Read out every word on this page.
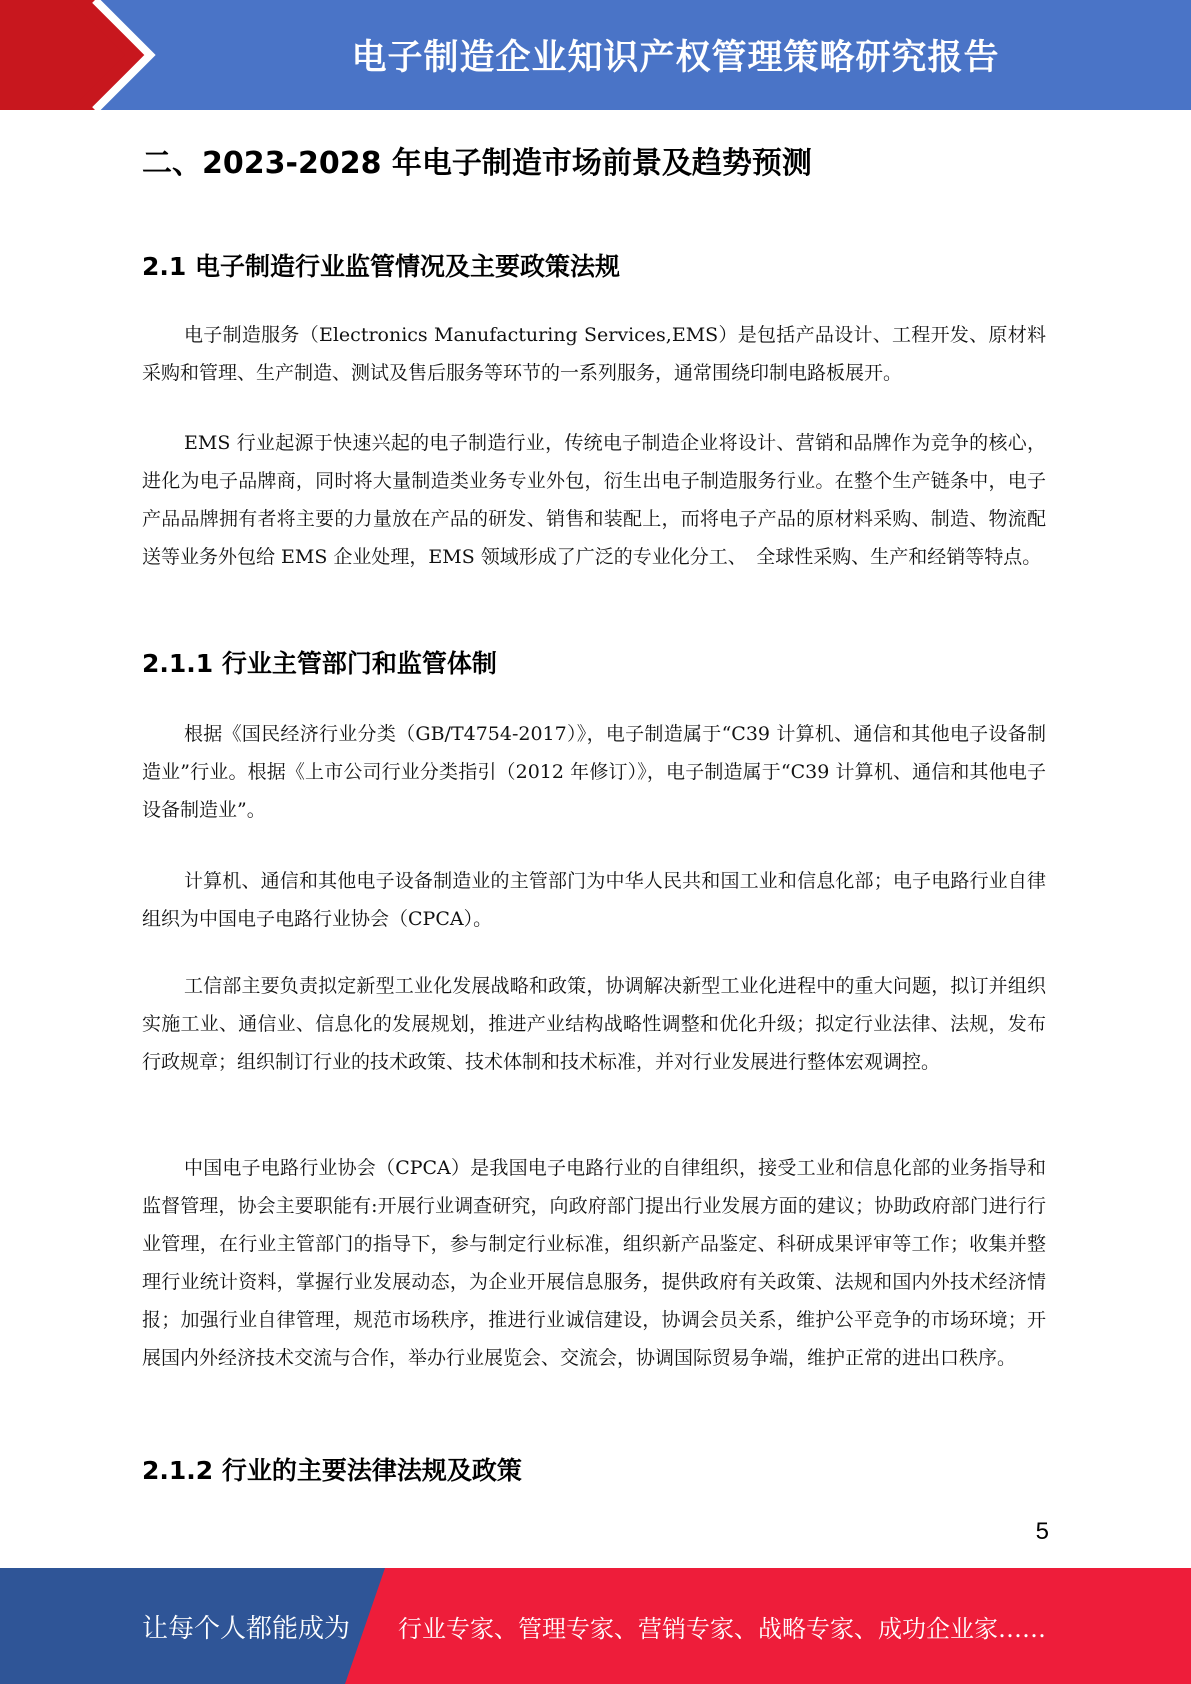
电子制造企业知识产权管理策略研究报告
二、2023-2028 年电子制造市场前景及趋势预测
2.1 电子制造行业监管情况及主要政策法规

电子制造服务（Electronics Manufacturing Services,EMS）是包括产品设计、工程开发、原材料采购和管理、生产制造、测试及售后服务等环节的一系列服务，通常围绕印制电路板展开。

EMS 行业起源于快速兴起的电子制造行业，传统电子制造企业将设计、营销和品牌作为竞争的核心，进化为电子品牌商，同时将大量制造类业务专业外包，衍生出电子制造服务行业。在整个生产链条中，电子产品品牌拥有者将主要的力量放在产品的研发、销售和装配上，而将电子产品的原材料采购、制造、物流配送等业务外包给 EMS 企业处理，EMS 领域形成了广泛的专业化分工、　全球性采购、生产和经销等特点。

2.1.1 行业主管部门和监管体制

根据《国民经济行业分类（GB/T4754-2017）》，电子制造属于“C39 计算机、通信和其他电子设备制造业”行业。根据《上市公司行业分类指引（2012 年修订）》，电子制造属于“C39 计算机、通信和其他电子设备制造业”。

计算机、通信和其他电子设备制造业的主管部门为中华人民共和国工业和信息化部；电子电路行业自律组织为中国电子电路行业协会（CPCA）。

工信部主要负责拟定新型工业化发展战略和政策，协调解决新型工业化进程中的重大问题，拟订并组织实施工业、通信业、信息化的发展规划，推进产业结构战略性调整和优化升级；拟定行业法律、法规，发布行政规章；组织制订行业的技术政策、技术体制和技术标准，并对行业发展进行整体宏观调控。

中国电子电路行业协会（CPCA）是我国电子电路行业的自律组织，接受工业和信息化部的业务指导和监督管理，协会主要职能有:开展行业调查研究，向政府部门提出行业发展方面的建议；协助政府部门进行行业管理，在行业主管部门的指导下，参与制定行业标准，组织新产品鉴定、科研成果评审等工作；收集并整理行业统计资料，掌握行业发展动态，为企业开展信息服务，提供政府有关政策、法规和国内外技术经济情报；加强行业自律管理，规范市场秩序，推进行业诚信建设，协调会员关系，维护公平竞争的市场环境；开展国内外经济技术交流与合作，举办行业展览会、交流会，协调国际贸易争端，维护正常的进出口秩序。

2.1.2 行业的主要法律法规及政策
5
让每个人都能成为 行业专家、管理专家、营销专家、战略专家、成功企业家……
